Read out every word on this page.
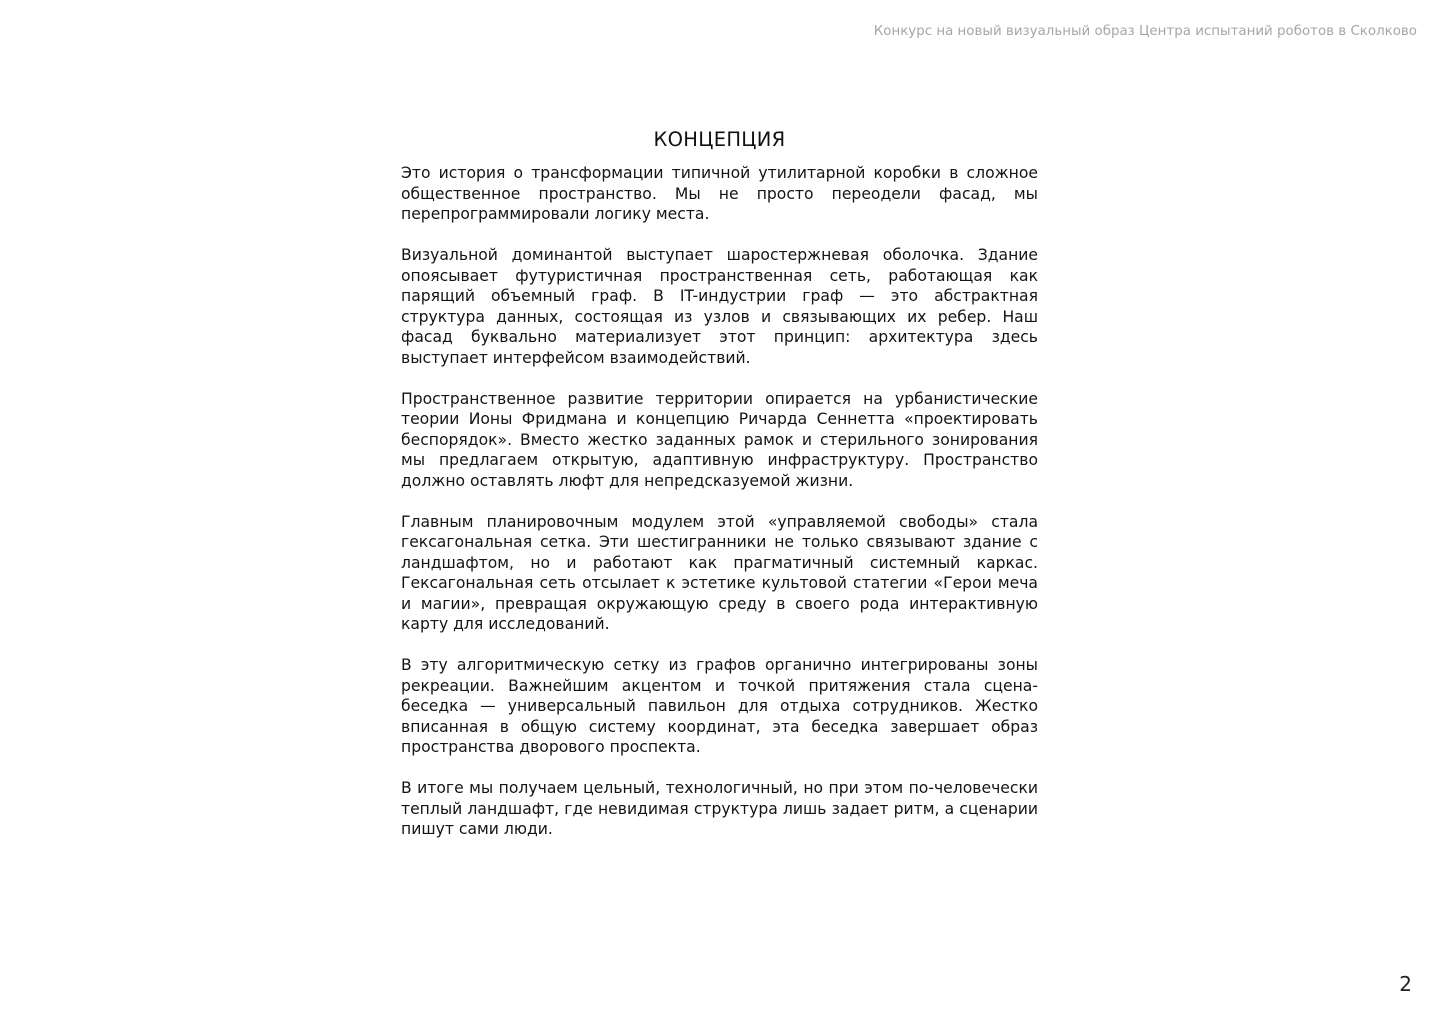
Конкурс на новый визуальный образ Центра испытаний роботов в Сколково
КОНЦЕПЦИЯ

Это история о трансформации типичной утилитарной коробки в сложное общественное пространство. Мы не просто переодели фасад, мы перепрограммировали логику места.

Визуальной доминантой выступает шаростержневая оболочка. Здание опоясывает футуристичная пространственная сеть, работающая как парящий объемный граф. В IT-индустрии граф — это абстрактная структура данных, состоящая из узлов и связывающих их ребер. Наш фасад буквально материализует этот принцип: архитектура здесь выступает интерфейсом взаимодействий.

Пространственное развитие территории опирается на урбанистические теории Ионы Фридмана и концепцию Ричарда Сеннетта «проектировать беспорядок». Вместо жестко заданных рамок и стерильного зонирования мы предлагаем открытую, адаптивную инфраструктуру. Пространство должно оставлять люфт для непредсказуемой жизни.

Главным планировочным модулем этой «управляемой свободы» стала гексагональная сетка. Эти шестигранники не только связывают здание с ландшафтом, но и работают как прагматичный системный каркас. Гексагональная сеть отсылает к эстетике культовой статегии «Герои меча и магии», превращая окружающую среду в своего рода интерактивную карту для исследований.

В эту алгоритмическую сетку из графов органично интегрированы зоны рекреации. Важнейшим акцентом и точкой притяжения стала сцена-беседка — универсальный павильон для отдыха сотрудников. Жестко вписанная в общую систему координат, эта беседка завершает образ пространства дворового проспекта.

В итоге мы получаем цельный, технологичный, но при этом по-человечески теплый ландшафт, где невидимая структура лишь задает ритм, а сценарии пишут сами люди.

2
